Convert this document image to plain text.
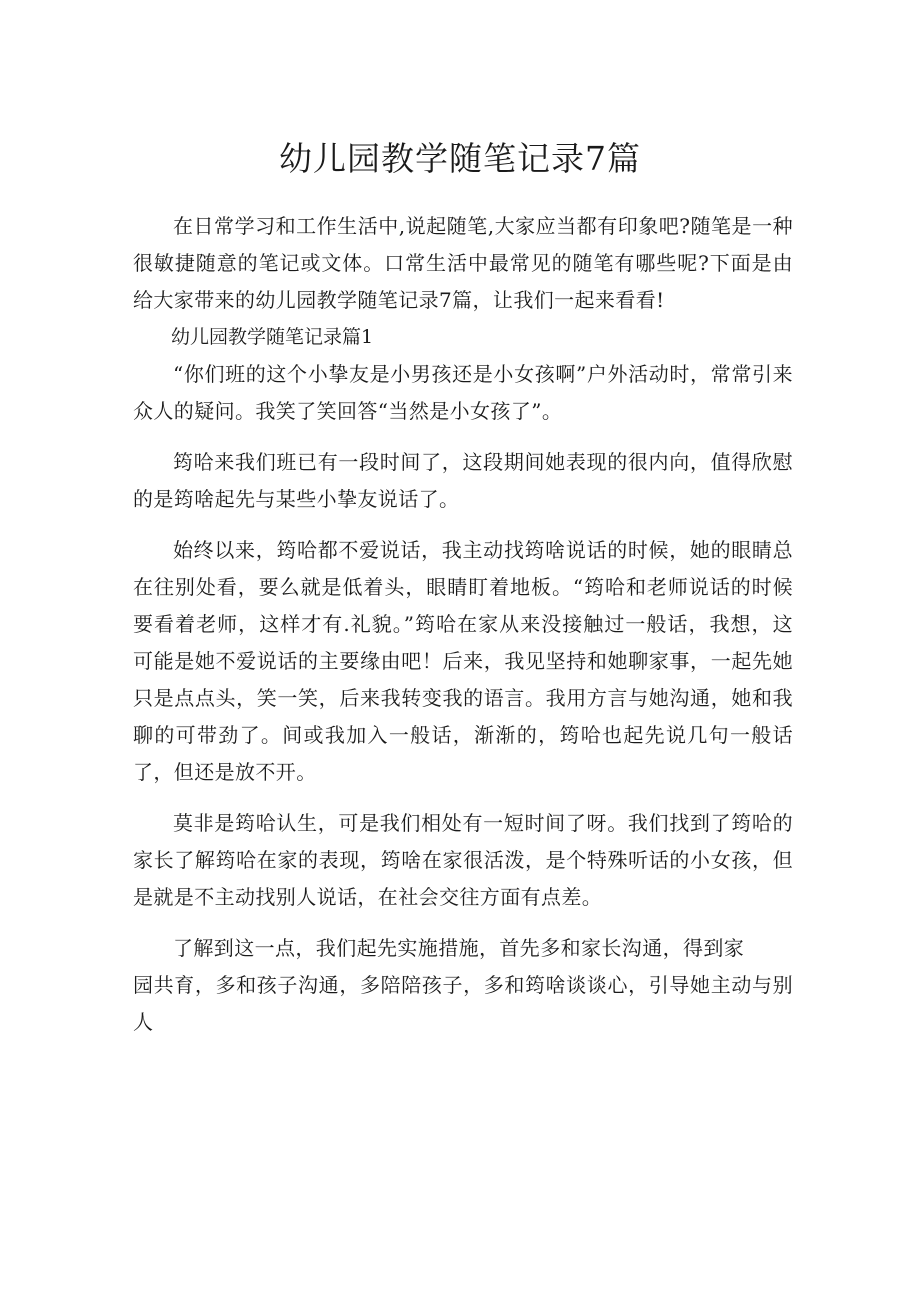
幼儿园教学随笔记录7篇

在日常学习和工作生活中,说起随笔,大家应当都有印象吧?随笔是一种很敏捷随意的笔记或文体。口常生活中最常见的随笔有哪些呢?下面是由给大家带来的幼儿园教学随笔记录7篇，让我们一起来看看!

幼儿园教学随笔记录篇1

“你们班的这个小挚友是小男孩还是小女孩啊”户外活动时，常常引来众人的疑问。我笑了笑回答“当然是小女孩了”。

筠哈来我们班已有一段时间了，这段期间她表现的很内向，值得欣慰的是筠啥起先与某些小挚友说话了。

始终以来，筠哈都不爱说话，我主动找筠啥说话的时候，她的眼睛总在往别处看，要么就是低着头，眼睛盯着地板。“筠哈和老师说话的时候要看着老师，这样才有.礼貌。”筠哈在家从来没接触过一般话，我想，这可能是她不爱说话的主要缘由吧！后来，我见坚持和她聊家事，一起先她只是点点头，笑一笑，后来我转变我的语言。我用方言与她沟通，她和我聊的可带劲了。间或我加入一般话，渐渐的，筠哈也起先说几句一般话了，但还是放不开。

莫非是筠哈认生，可是我们相处有一短时间了呀。我们找到了筠哈的家长了解筠哈在家的表现，筠啥在家很活泼，是个特殊听话的小女孩，但是就是不主动找别人说话，在社会交往方面有点差。

了解到这一点，我们起先实施措施，首先多和家长沟通，得到家

园共育，多和孩子沟通，多陪陪孩子，多和筠啥谈谈心，引导她主动与别人
